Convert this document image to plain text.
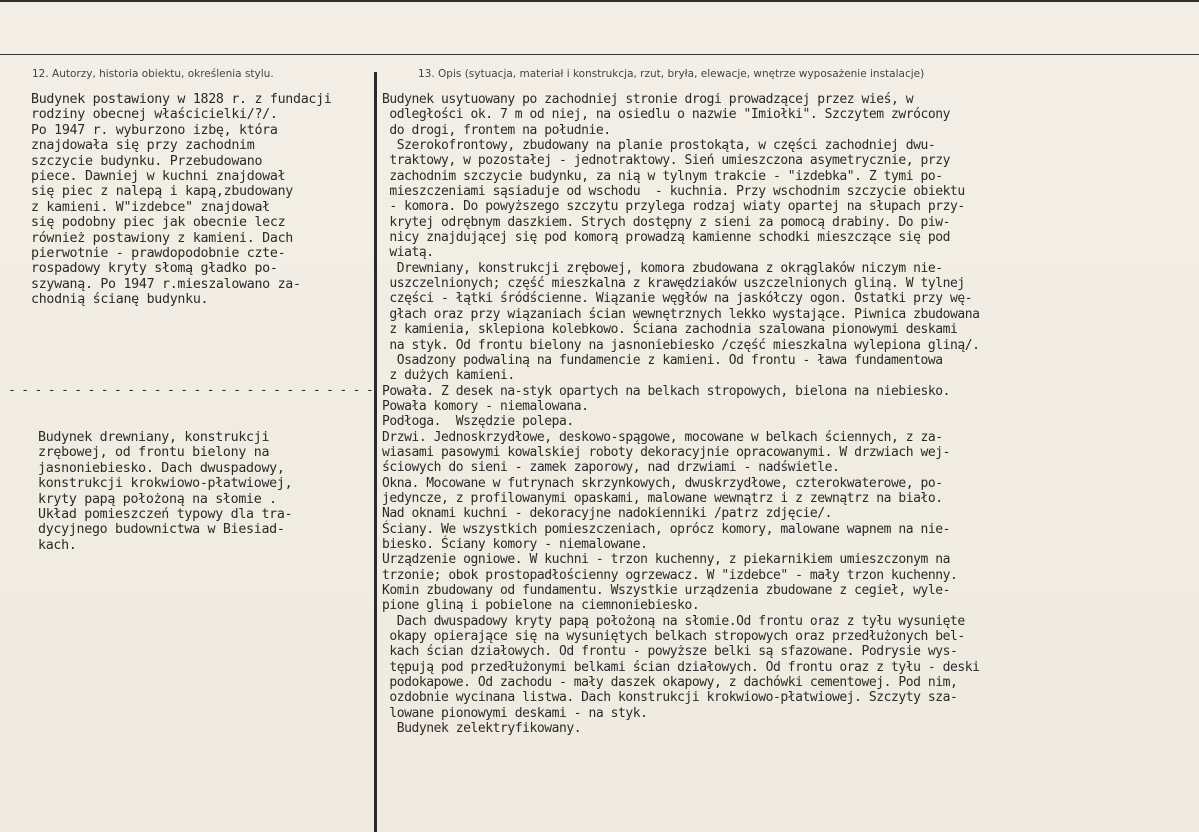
12. Autorzy, historia obiektu, określenia stylu.	13. Opis (sytuacja, materiał i konstrukcja, rzut, bryła, elewacje, wnętrze wyposażenie instalacje)
Budynek postawiony w 1828 r. z fundacji
rodziny obecnej właścicielki/?/.
Po 1947 r. wyburzono izbę, która
znajdowała się przy zachodnim
szczycie budynku. Przebudowano
piece. Dawniej w kuchni znajdował
się piec z nalepą i kapą,zbudowany
z kamieni. W"izdebce" znajdował
się podobny piec jak obecnie lecz
również postawiony z kamieni. Dach
pierwotnie - prawdopodobnie czte-
rospadowy kryty słomą gładko po-
szywaną. Po 1947 r.mieszalowano za-
chodnią ścianę budynku.
- - - - - - - - - - - - - - - - - - - - - - - - - - - -
Budynek drewniany, konstrukcji
zrębowej, od frontu bielony na
jasnoniebiesko. Dach dwuspadowy,
konstrukcji krokwiowo-płatwiowej,
kryty papą położoną na słomie .
Układ pomieszczeń typowy dla tra-
dycyjnego budownictwa w Biesiad-
kach.
Budynek usytuowany po zachodniej stronie drogi prowadzącej przez wieś, w
odległości ok. 7 m od niej, na osiedlu o nazwie "Imiołki". Szczytem zwrócony
do drogi, frontem na południe.
Szerokofrontowy, zbudowany na planie prostokąta, w części zachodniej dwu-
traktowy, w pozostałej - jednotraktowy. Sień umieszczona asymetrycznie, przy
zachodnim szczycie budynku, za nią w tylnym trakcie - "izdebka". Z tymi po-
mieszczeniami sąsiaduje od wschodu  - kuchnia. Przy wschodnim szczycie obiektu
- komora. Do powyższego szczytu przylega rodzaj wiaty opartej na słupach przy-
krytej odrębnym daszkiem. Strych dostępny z sieni za pomocą drabiny. Do piw-
nicy znajdującej się pod komorą prowadzą kamienne schodki mieszczące się pod
wiatą.
Drewniany, konstrukcji zrębowej, komora zbudowana z okrąglaków niczym nie-
uszczelnionych; część mieszkalna z krawędziaków uszczelnionych gliną. W tylnej
części - łątki śródścienne. Wiązanie węgłów na jaskółczy ogon. Ostatki przy wę-
głach oraz przy wiązaniach ścian wewnętrznych lekko wystające. Piwnica zbudowana
z kamienia, sklepiona kolebkowo. Ściana zachodnia szalowana pionowymi deskami
na styk. Od frontu bielony na jasnoniebiesko /część mieszkalna wylepiona gliną/.
Osadzony podwaliną na fundamencie z kamieni. Od frontu - ława fundamentowa
z dużych kamieni.
Powała. Z desek na-styk opartych na belkach stropowych, bielona na niebiesko.
Powała komory - niemalowana.
Podłoga.  Wszędzie polepa.
Drzwi. Jednoskrzydłowe, deskowo-spągowe, mocowane w belkach ściennych, z za-
wiasami pasowymi kowalskiej roboty dekoracyjnie opracowanymi. W drzwiach wej-
ściowych do sieni - zamek zaporowy, nad drzwiami - nadświetle.
Okna. Mocowane w futrynach skrzynkowych, dwuskrzydłowe, czterokwaterowe, po-
jedyncze, z profilowanymi opaskami, malowane wewnątrz i z zewnątrz na biało.
Nad oknami kuchni - dekoracyjne nadokienniki /patrz zdjęcie/.
Ściany. We wszystkich pomieszczeniach, oprócz komory, malowane wapnem na nie-
biesko. Ściany komory - niemalowane.
Urządzenie ogniowe. W kuchni - trzon kuchenny, z piekarnikiem umieszczonym na
trzonie; obok prostopadłościenny ogrzewacz. W "izdebce" - mały trzon kuchenny.
Komin zbudowany od fundamentu. Wszystkie urządzenia zbudowane z cegieł, wyle-
pione gliną i pobielone na ciemnoniebiesko.
Dach dwuspadowy kryty papą położoną na słomie.Od frontu oraz z tyłu wysunięte
okapy opierające się na wysuniętych belkach stropowych oraz przedłużonych bel-
kach ścian działowych. Od frontu - powyższe belki są sfazowane. Podrysie wys-
tępują pod przedłużonymi belkami ścian działowych. Od frontu oraz z tyłu - deski
podokapowe. Od zachodu - mały daszek okapowy, z dachówki cementowej. Pod nim,
ozdobnie wycinana listwa. Dach konstrukcji krokwiowo-płatwiowej. Szczyty sza-
lowane pionowymi deskami - na styk.
Budynek zelektryfikowany.
